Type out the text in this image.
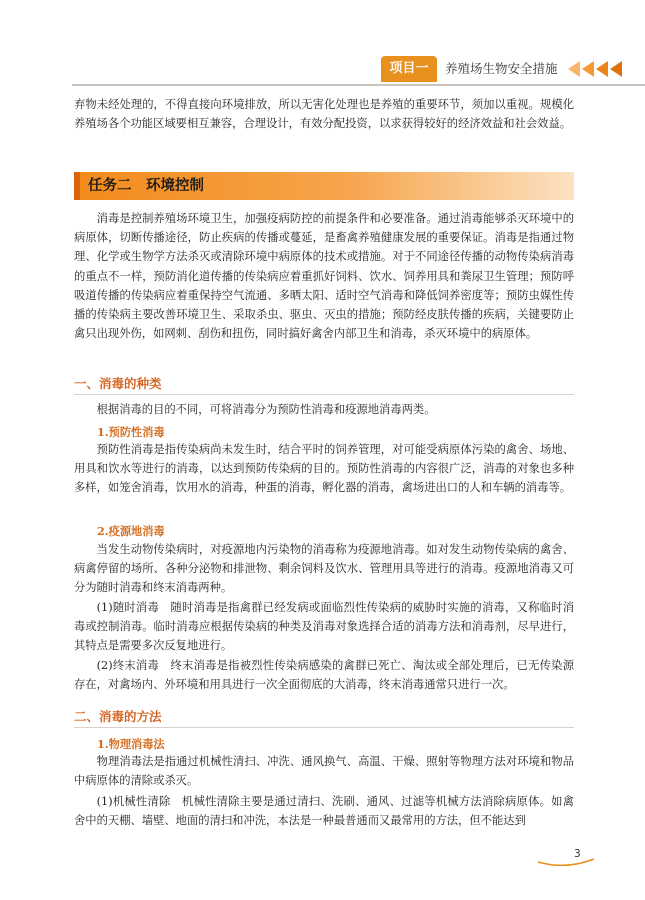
项目一	养殖场生物安全措施

弃物未经处理的，不得直接向环境排放，所以无害化处理也是养殖的重要环节，须加以重视。规模化养殖场各个功能区域要相互兼容，合理设计，有效分配投资，以求获得较好的经济效益和社会效益。

任务二　环境控制

消毒是控制养殖场环境卫生，加强疫病防控的前提条件和必要准备。通过消毒能够杀灭环境中的病原体，切断传播途径，防止疾病的传播或蔓延，是畜禽养殖健康发展的重要保证。消毒是指通过物理、化学或生物学方法杀灭或清除环境中病原体的技术或措施。对于不同途径传播的动物传染病消毒的重点不一样，预防消化道传播的传染病应着重抓好饲料、饮水、饲养用具和粪尿卫生管理；预防呼吸道传播的传染病应着重保持空气流通、多晒太阳、适时空气消毒和降低饲养密度等；预防虫媒性传播的传染病主要改善环境卫生、采取杀虫、驱虫、灭虫的措施；预防经皮肤传播的疾病，关键要防止禽只出现外伤，如网刺、刮伤和扭伤，同时搞好禽舍内部卫生和消毒，杀灭环境中的病原体。

一、消毒的种类

根据消毒的目的不同，可将消毒分为预防性消毒和疫源地消毒两类。

1.预防性消毒

预防性消毒是指传染病尚未发生时，结合平时的饲养管理，对可能受病原体污染的禽舍、场地、用具和饮水等进行的消毒，以达到预防传染病的目的。预防性消毒的内容很广泛，消毒的对象也多种多样，如笼舍消毒，饮用水的消毒，种蛋的消毒，孵化器的消毒，禽场进出口的人和车辆的消毒等。

2.疫源地消毒

当发生动物传染病时，对疫源地内污染物的消毒称为疫源地消毒。如对发生动物传染病的禽舍、病禽停留的场所、各种分泌物和排泄物、剩余饲料及饮水、管理用具等进行的消毒。疫源地消毒又可分为随时消毒和终末消毒两种。

(1)随时消毒　随时消毒是指禽群已经发病或面临烈性传染病的威胁时实施的消毒，又称临时消毒或控制消毒。临时消毒应根据传染病的种类及消毒对象选择合适的消毒方法和消毒剂，尽早进行，其特点是需要多次反复地进行。

(2)终末消毒　终末消毒是指被烈性传染病感染的禽群已死亡、淘汰或全部处理后，已无传染源存在，对禽场内、外环境和用具进行一次全面彻底的大消毒，终末消毒通常只进行一次。

二、消毒的方法
1.物理消毒法

物理消毒法是指通过机械性清扫、冲洗、通风换气、高温、干燥、照射等物理方法对环境和物品中病原体的清除或杀灭。

(1)机械性清除　机械性清除主要是通过清扫、洗刷、通风、过滤等机械方法消除病原体。如禽舍中的天棚、墙壁、地面的清扫和冲洗，本法是一种最普通而又最常用的方法，但不能达到

3
